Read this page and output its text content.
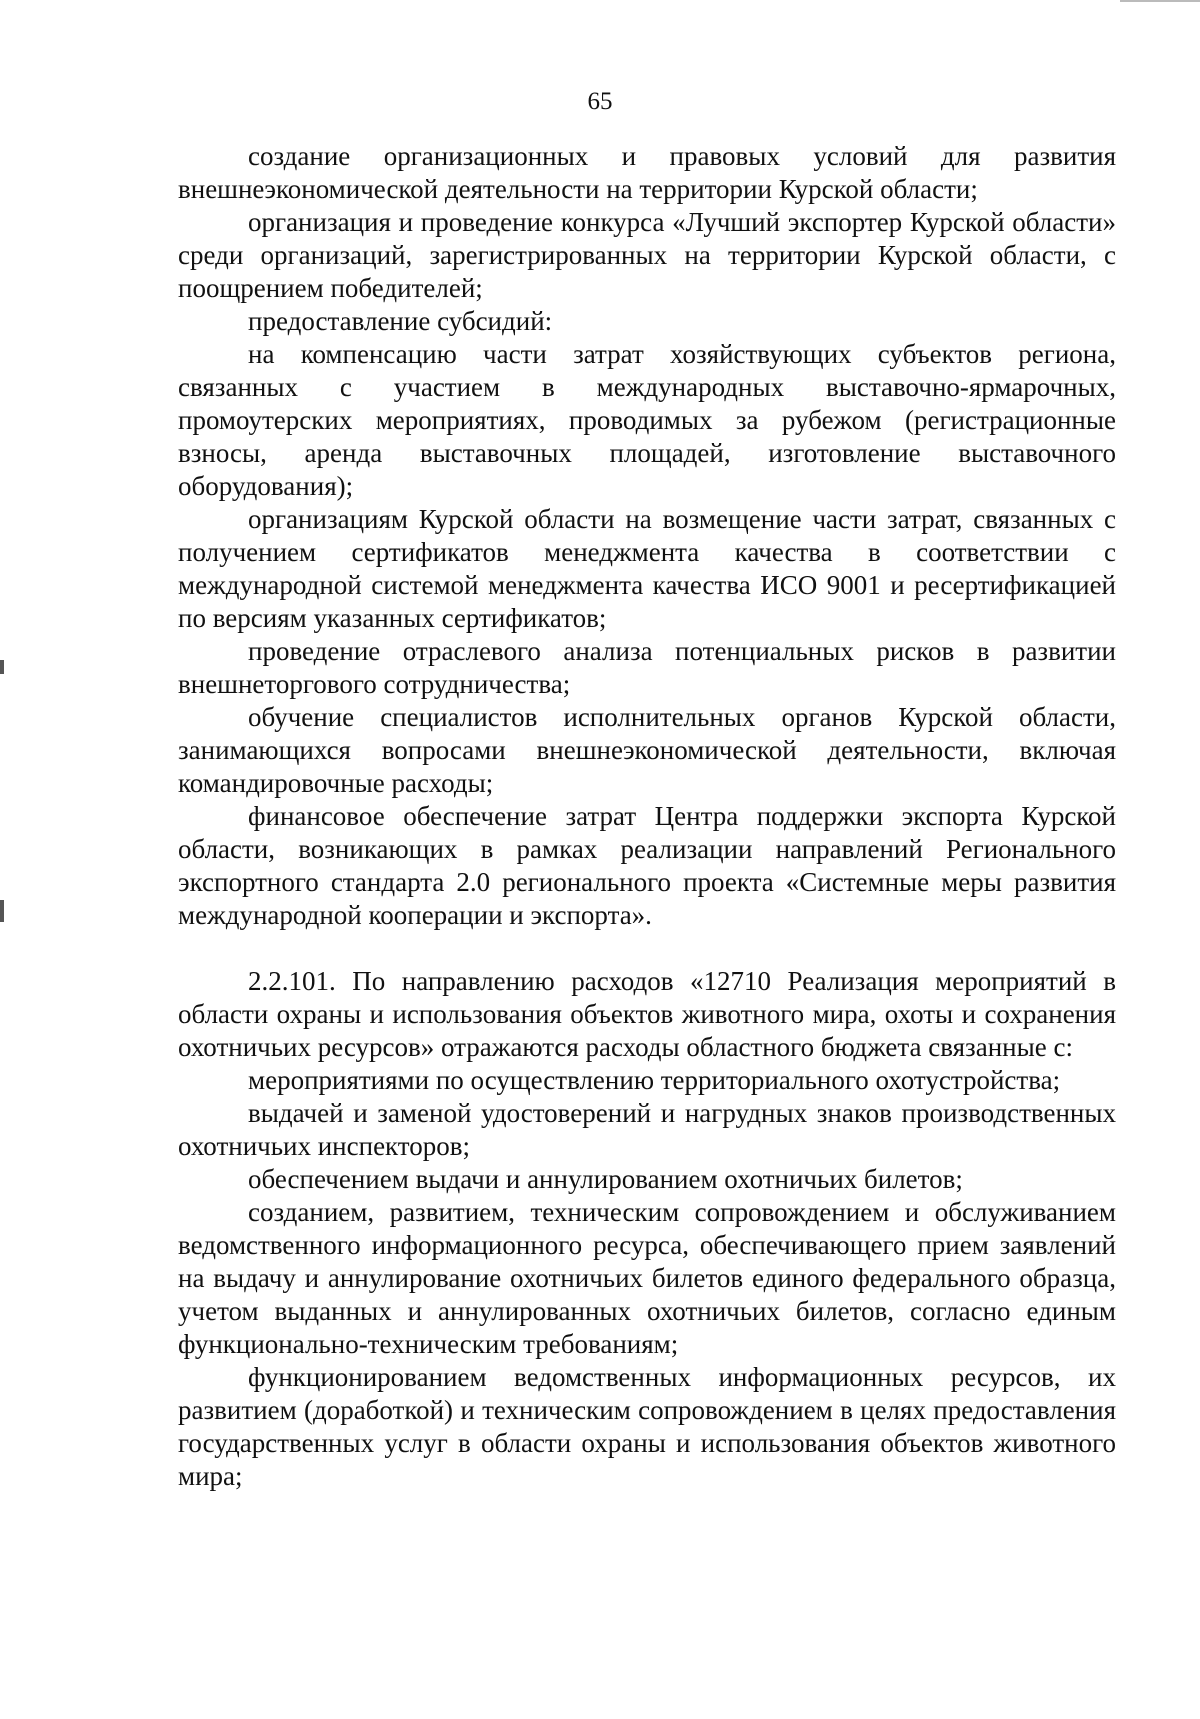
65

создание организационных и правовых условий для развития внешнеэкономической деятельности на территории Курской области;

организация и проведение конкурса «Лучший экспортер Курской области» среди организаций, зарегистрированных на территории Курской области, с поощрением победителей;

предоставление субсидий:

на компенсацию части затрат хозяйствующих субъектов региона, связанных с участием в международных выставочно-ярмарочных, промоутерских мероприятиях, проводимых за рубежом (регистрационные взносы, аренда выставочных площадей, изготовление выставочного оборудования);

организациям Курской области на возмещение части затрат, связанных с получением сертификатов менеджмента качества в соответствии с международной системой менеджмента качества ИСО 9001 и ресертификацией по версиям указанных сертификатов;

проведение отраслевого анализа потенциальных рисков в развитии внешнеторгового сотрудничества;

обучение специалистов исполнительных органов Курской области, занимающихся вопросами внешнеэкономической деятельности, включая командировочные расходы;

финансовое обеспечение затрат Центра поддержки экспорта Курской области, возникающих в рамках реализации направлений Регионального экспортного стандарта 2.0 регионального проекта «Системные меры развития международной кооперации и экспорта».

2.2.101. По направлению расходов «12710 Реализация мероприятий в области охраны и использования объектов животного мира, охоты и сохранения охотничьих ресурсов» отражаются расходы областного бюджета связанные с:

мероприятиями по осуществлению территориального охотустройства;

выдачей и заменой удостоверений и нагрудных знаков производственных охотничьих инспекторов;

обеспечением выдачи и аннулированием охотничьих билетов;

созданием, развитием, техническим сопровождением и обслуживанием ведомственного информационного ресурса, обеспечивающего прием заявлений на выдачу и аннулирование охотничьих билетов единого федерального образца, учетом выданных и аннулированных охотничьих билетов, согласно единым функционально-техническим требованиям;

функционированием ведомственных информационных ресурсов, их развитием (доработкой) и техническим сопровождением в целях предоставления государственных услуг в области охраны и использования объектов животного мира;
